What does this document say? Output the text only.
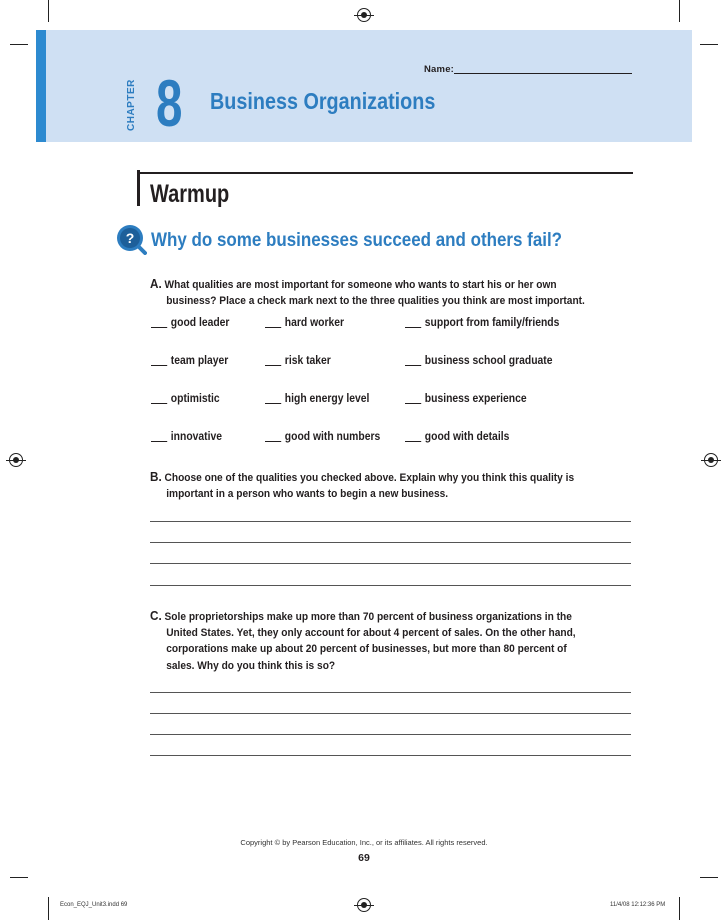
Name:
CHAPTER 8 Business Organizations
Warmup
? Why do some businesses succeed and others fail?
A. What qualities are most important for someone who wants to start his or her own
business? Place a check mark next to the three qualities you think are most important.
good leader	hard worker	support from family/friends
team player	risk taker	business school graduate
optimistic	high energy level	business experience
innovative	good with numbers	good with details
B. Choose one of the qualities you checked above. Explain why you think this quality is
important in a person who wants to begin a new business.
C. Sole proprietorships make up more than 70 percent of business organizations in the
United States. Yet, they only account for about 4 percent of sales. On the other hand,
corporations make up about 20 percent of businesses, but more than 80 percent of
sales. Why do you think this is so?
Copyright © by Pearson Education, Inc., or its affiliates. All rights reserved.
69
Econ_EQJ_Unit3.indd 69	11/4/08 12:12:36 PM
